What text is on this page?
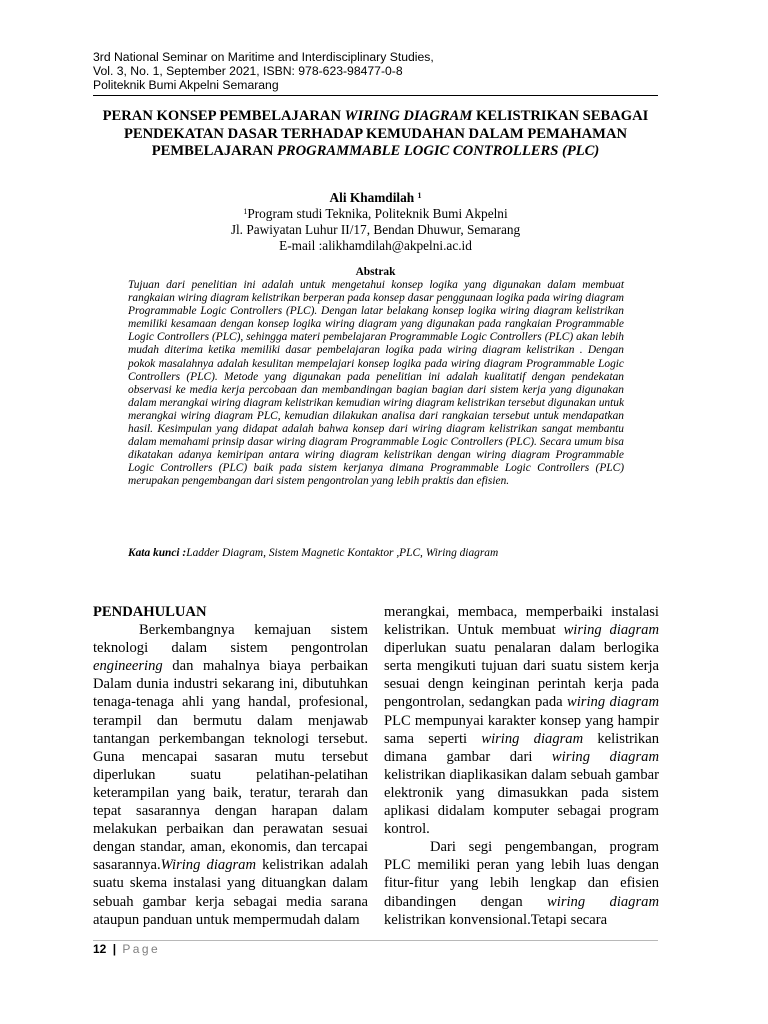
3rd National Seminar on Maritime and Interdisciplinary Studies,
Vol. 3, No. 1, September 2021, ISBN: 978-623-98477-0-8
Politeknik Bumi Akpelni Semarang
PERAN KONSEP PEMBELAJARAN WIRING DIAGRAM KELISTRIKAN SEBAGAI PENDEKATAN DASAR TERHADAP KEMUDAHAN DALAM PEMAHAMAN PEMBELAJARAN PROGRAMMABLE LOGIC CONTROLLERS (PLC)
Ali Khamdilah $^1$
$^1$Program studi Teknika, Politeknik Bumi Akpelni
Jl. Pawiyatan Luhur II/17, Bendan Dhuwur, Semarang
E-mail :alikhamdilah@akpelni.ac.id
Abstrak
Tujuan dari penelitian ini adalah untuk mengetahui konsep logika yang digunakan dalam membuat rangkaian wiring diagram kelistrikan berperan pada konsep dasar penggunaan logika pada wiring diagram Programmable Logic Controllers (PLC). Dengan latar belakang konsep logika wiring diagram kelistrikan memiliki kesamaan dengan konsep logika wiring diagram yang digunakan pada rangkaian Programmable Logic Controllers (PLC), sehingga materi pembelajaran Programmable Logic Controllers (PLC) akan lebih mudah diterima ketika memiliki dasar pembelajaran logika pada wiring diagram kelistrikan . Dengan pokok masalahnya adalah kesulitan mempelajari konsep logika pada wiring diagram Programmable Logic Controllers (PLC). Metode yang digunakan pada penelitian ini adalah kualitatif dengan pendekatan observasi ke media kerja percobaan dan membandingan bagian bagian dari sistem kerja yang digunakan dalam merangkai wiring diagram kelistrikan kemudian wiring diagram kelistrikan tersebut digunakan untuk merangkai wiring diagram PLC, kemudian dilakukan analisa dari rangkaian tersebut untuk mendapatkan hasil. Kesimpulan yang didapat adalah bahwa konsep dari wiring diagram kelistrikan sangat membantu dalam memahami prinsip dasar wiring diagram Programmable Logic Controllers (PLC). Secara umum bisa dikatakan adanya kemiripan antara wiring diagram kelistrikan dengan wiring diagram Programmable Logic Controllers (PLC) baik pada sistem kerjanya dimana Programmable Logic Controllers (PLC) merupakan pengembangan dari sistem pengontrolan yang lebih praktis dan efisien.
Kata kunci :Ladder Diagram, Sistem Magnetic Kontaktor ,PLC, Wiring diagram

PENDAHULUAN

Berkembangnya kemajuan sistem teknologi dalam sistem pengontrolan engineering dan mahalnya biaya perbaikan Dalam dunia industri sekarang ini, dibutuhkan tenaga-tenaga ahli yang handal, profesional, terampil dan bermutu dalam menjawab tantangan perkembangan teknologi tersebut. Guna mencapai sasaran mutu tersebut diperlukan suatu pelatihan-pelatihan keterampilan yang baik, teratur, terarah dan tepat sasarannya dengan harapan dalam melakukan perbaikan dan perawatan sesuai dengan standar, aman, ekonomis, dan tercapai sasarannya.Wiring diagram kelistrikan adalah suatu skema instalasi yang dituangkan dalam sebuah gambar kerja sebagai media sarana ataupun panduan untuk mempermudah dalam

merangkai, membaca, memperbaiki instalasi kelistrikan. Untuk membuat wiring diagram diperlukan suatu penalaran dalam berlogika serta mengikuti tujuan dari suatu sistem kerja sesuai dengn keinginan perintah kerja pada pengontrolan, sedangkan pada wiring diagram PLC mempunyai karakter konsep yang hampir sama seperti wiring diagram kelistrikan dimana gambar dari wiring diagram kelistrikan diaplikasikan dalam sebuah gambar elektronik yang dimasukkan pada sistem aplikasi didalam komputer sebagai program kontrol.

Dari segi pengembangan, program PLC memiliki peran yang lebih luas dengan fitur-fitur yang lebih lengkap dan efisien dibandingen dengan wiring diagram kelistrikan konvensional.Tetapi secara

12 | Page
